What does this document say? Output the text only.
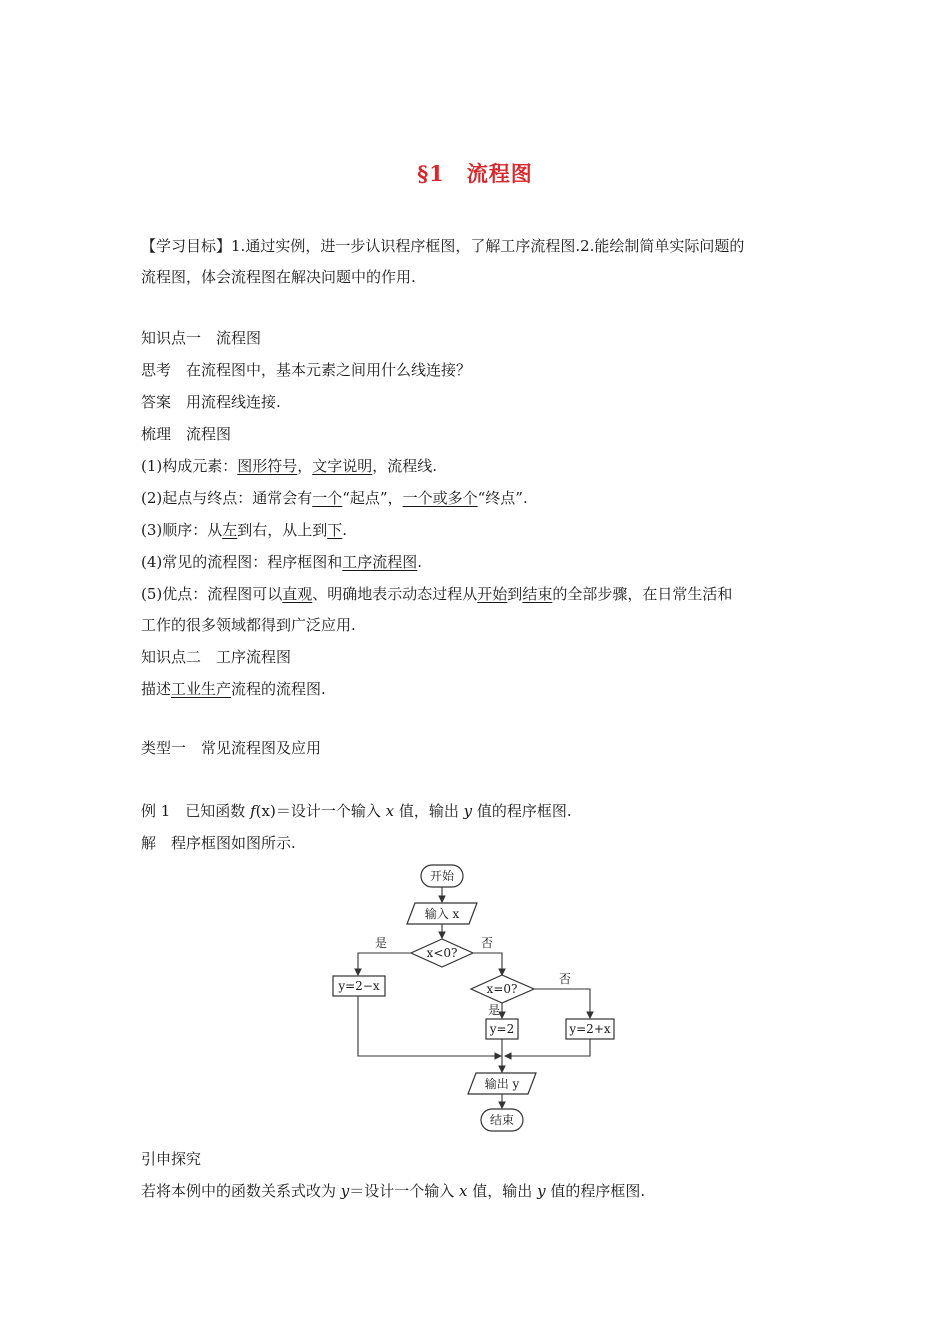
§1　流程图
【学习目标】1.通过实例，进一步认识程序框图，了解工序流程图.2.能绘制简单实际问题的
流程图，体会流程图在解决问题中的作用.
知识点一　流程图
思考　在流程图中，基本元素之间用什么线连接？
答案　用流程线连接.
梳理　流程图
(1)构成元素：图形符号，文字说明，流程线.
(2)起点与终点：通常会有一个“起点”，一个或多个“终点”.
(3)顺序：从左到右，从上到下.
(4)常见的流程图：程序框图和工序流程图.
(5)优点：流程图可以直观、明确地表示动态过程从开始到结束的全部步骤，在日常生活和
工作的很多领域都得到广泛应用.
知识点二　工序流程图
描述工业生产流程的流程图.
类型一　常见流程图及应用
例 1　已知函数 f(x)＝设计一个输入 x 值，输出 y 值的程序框图.
解　程序框图如图所示.
开始
输入 x
x<0?
是	否
y=2−x	x=0?
是
否
y=2	y=2+x
输出 y
结束
引申探究
若将本例中的函数关系式改为 y＝设计一个输入 x 值，输出 y 值的程序框图.
